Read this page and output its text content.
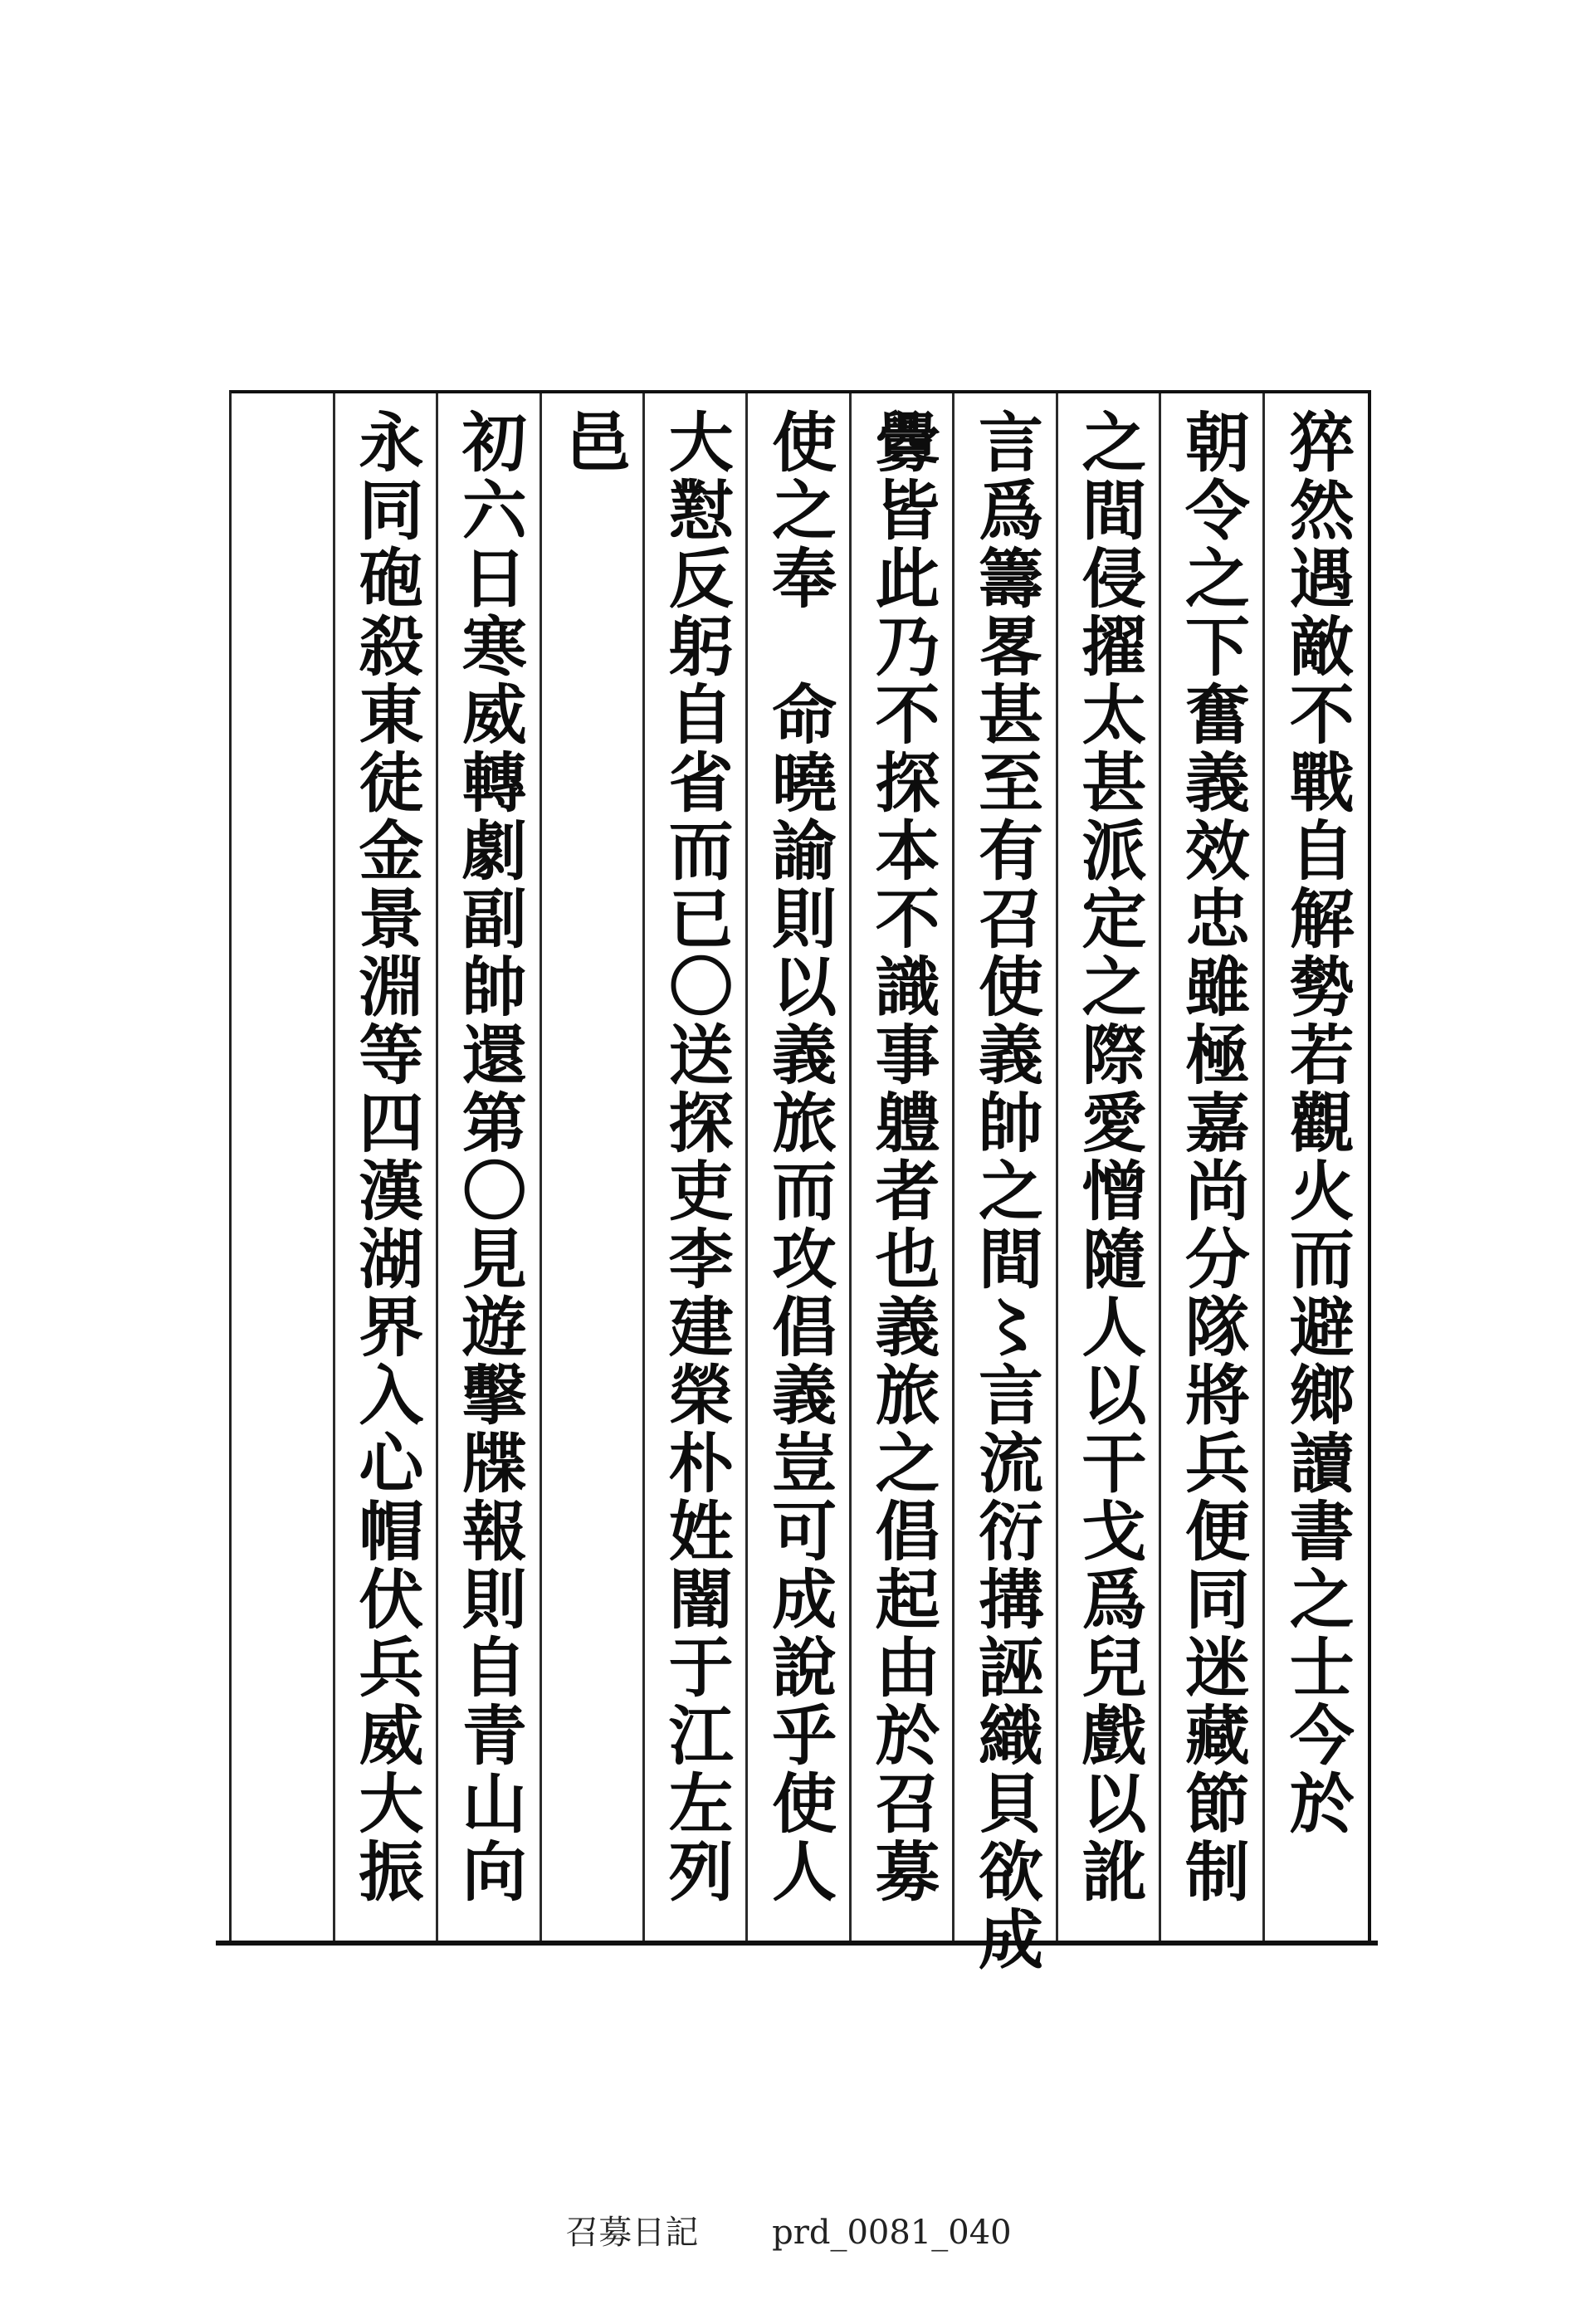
猝然遇敵不戰自解勢若觀火而避鄉讀書之士今於
朝令之下奮義效忠雖極嘉尚分隊將兵便同迷藏節制
之間侵擢太甚派定之際愛憎隨人以干戈爲兒戲以訛
言爲籌畧甚至有召使義帥之間〻言流衍搆誣織貝欲成
釁皆此乃不探本不識事軆者也義旅之倡起由於召募
使之奉　命曉諭則以義旅而攻倡義豈可成說乎使人
大懟反躬自省而已〇送探吏李建榮朴姓闇于江左列
邑
初六日寒威轉劇副帥還第〇見遊擊牒報則自青山向
永同砲殺東徒金景淵等四漢湖界入心帽伏兵威大振
召募日記 prd_0081_040
